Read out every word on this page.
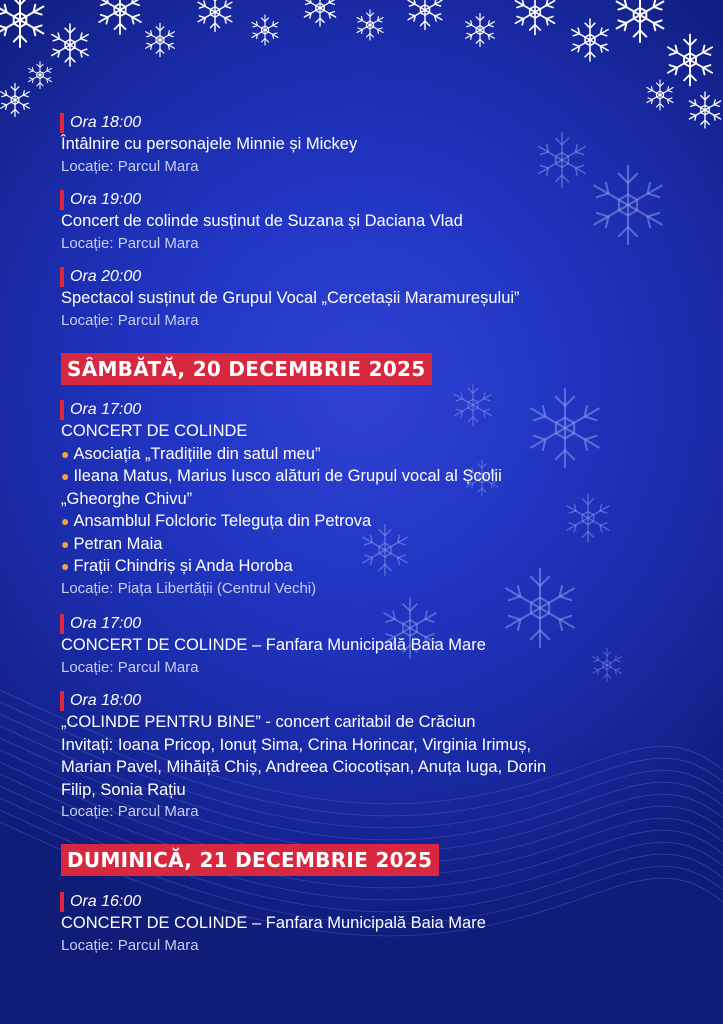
Ora 18:00
Întâlnire cu personajele Minnie și Mickey
Locație: Parcul Mara
Ora 19:00
Concert de colinde susținut de Suzana și Daciana Vlad
Locație: Parcul Mara
Ora 20:00
Spectacol susținut de Grupul Vocal „Cercetașii Maramureșului”
Locație: Parcul Mara
SÂMBĂTĂ, 20 DECEMBRIE 2025
Ora 17:00
CONCERT DE COLINDE
● Asociația „Tradițiile din satul meu”
● Ileana Matus, Marius Iusco alături de Grupul vocal al Școlii
„Gheorghe Chivu”
● Ansamblul Folcloric Teleguța din Petrova
● Petran Maia
● Frații Chindriș și Anda Horoba
Locație: Piața Libertății (Centrul Vechi)
Ora 17:00
CONCERT DE COLINDE – Fanfara Municipală Baia Mare
Locație: Parcul Mara
Ora 18:00
„COLINDE PENTRU BINE” - concert caritabil de Crăciun
Invitați: Ioana Pricop, Ionuț Sima, Crina Horincar, Virginia Irimuș,
Marian Pavel, Mihăiță Chiș, Andreea Ciocotișan, Anuța Iuga, Dorin
Filip, Sonia Rațiu
Locație: Parcul Mara
DUMINICĂ, 21 DECEMBRIE 2025
Ora 16:00
CONCERT DE COLINDE – Fanfara Municipală Baia Mare
Locație: Parcul Mara
